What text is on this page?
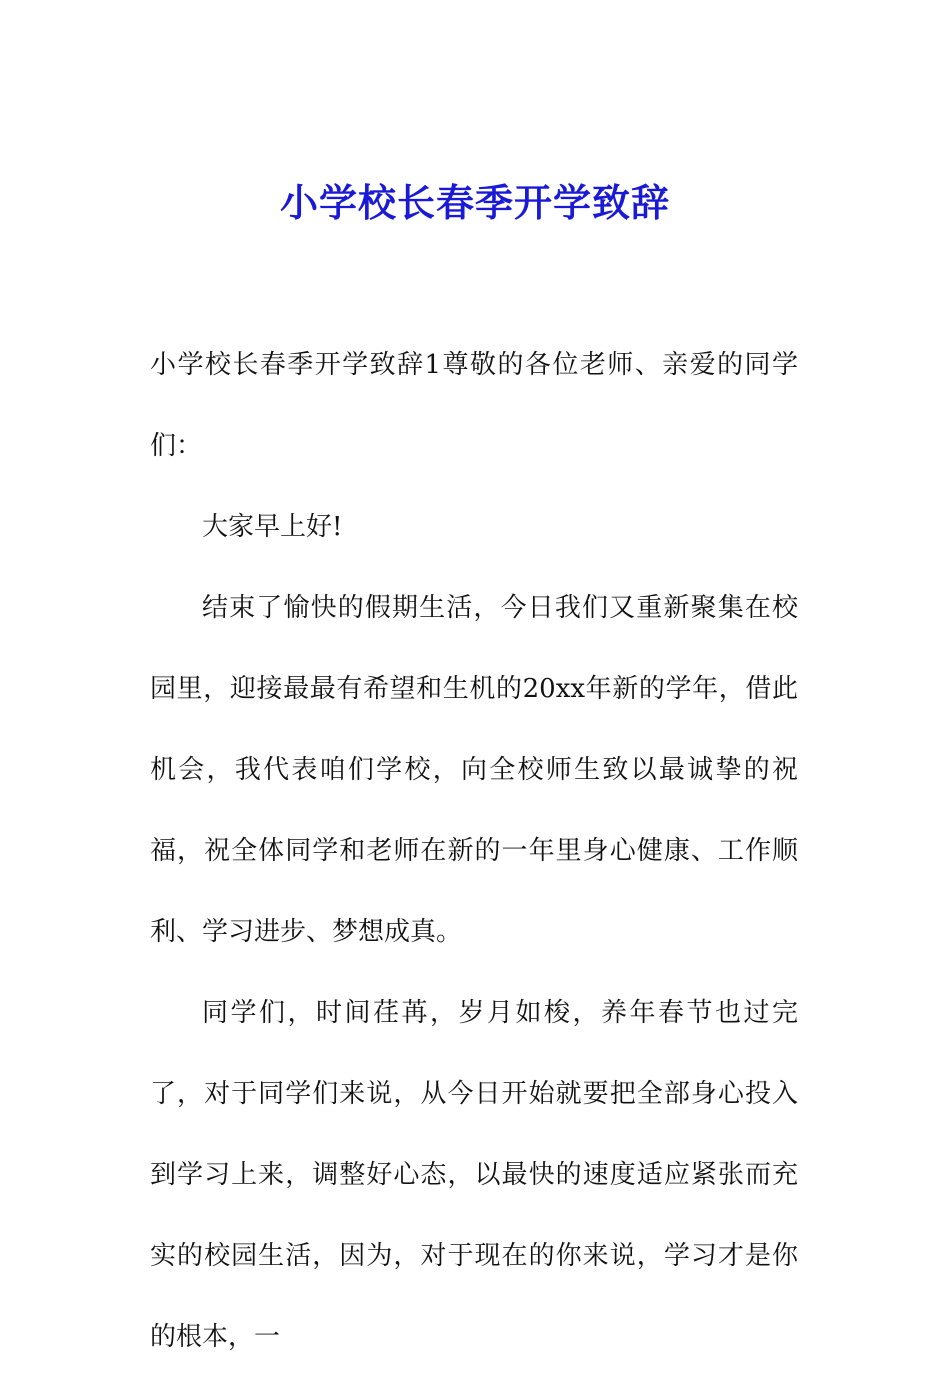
小学校长春季开学致辞

小学校长春季开学致辞1尊敬的各位老师、亲爱的同学们：

大家早上好!

结束了愉快的假期生活，今日我们又重新聚集在校园里，迎接最最有希望和生机的20xx年新的学年，借此机会，我代表咱们学校，向全校师生致以最诚挚的祝福，祝全体同学和老师在新的一年里身心健康、工作顺利、学习进步、梦想成真。

同学们，时间荏苒，岁月如梭，养年春节也过完了，对于同学们来说，从今日开始就要把全部身心投入到学习上来，调整好心态，以最快的速度适应紧张而充实的校园生活，因为，对于现在的你来说，学习才是你的根本，一
